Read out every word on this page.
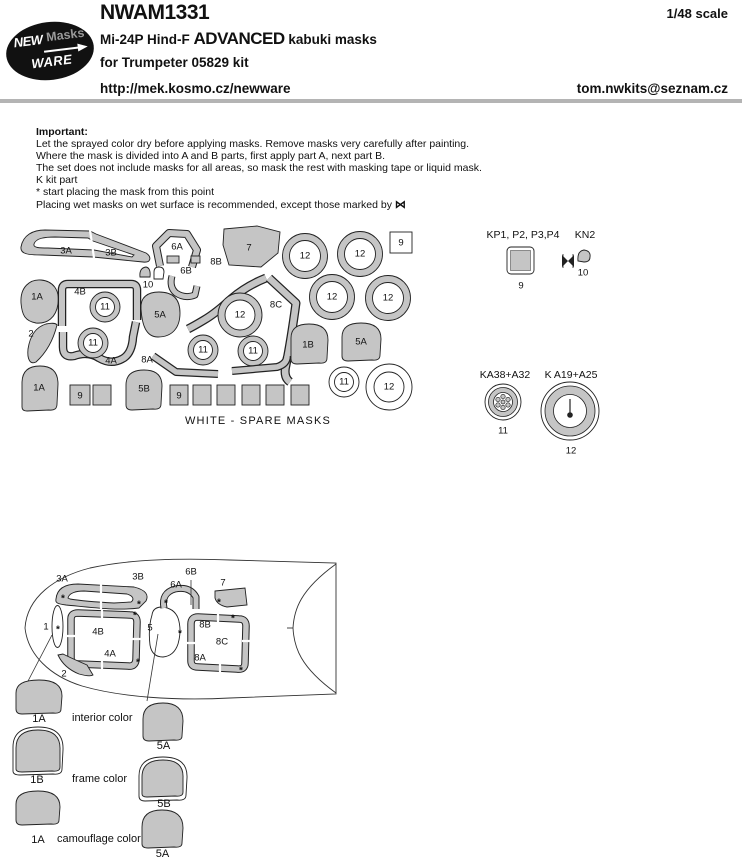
NEW Masks
WARE
NWAM1331	1/48 scale
Mi-24P Hind-F ADVANCED kabuki masks
for Trumpeter 05829 kit
http://mek.kosmo.cz/newware	tom.nwkits@seznam.cz
Important:
Let the sprayed color dry before applying masks. Remove masks very carefully after painting.
Where the mask is divided into A and B parts, first apply part A, next part B.
The set does not include masks for all areas, so mask the rest with masking tape or liquid mask.
K kit part
* start placing the mask from this point
Placing wet masks on wet surface is recommended, except those marked by ⋈
WHITE - SPARE MASKS
KP1, P2, P3,P4
9
KN2
10
KA38+A32
11
K A19+A25
12
3A	3B
6A	7
10
6B
8B
1A	4B
11
11
5A	12
8C
12	12
12	12
9
2
4A	8A
11	11
1B	5A
1A
9
5B
9
11	12
3A	3B
6A
6B
7
1	4B
4A
5	8B
8C
8A
2
*
*
*
*
*
*
*
*
*
*
1A	interior color
5A
1B	frame color
5B
1A	camouflage color
5A
